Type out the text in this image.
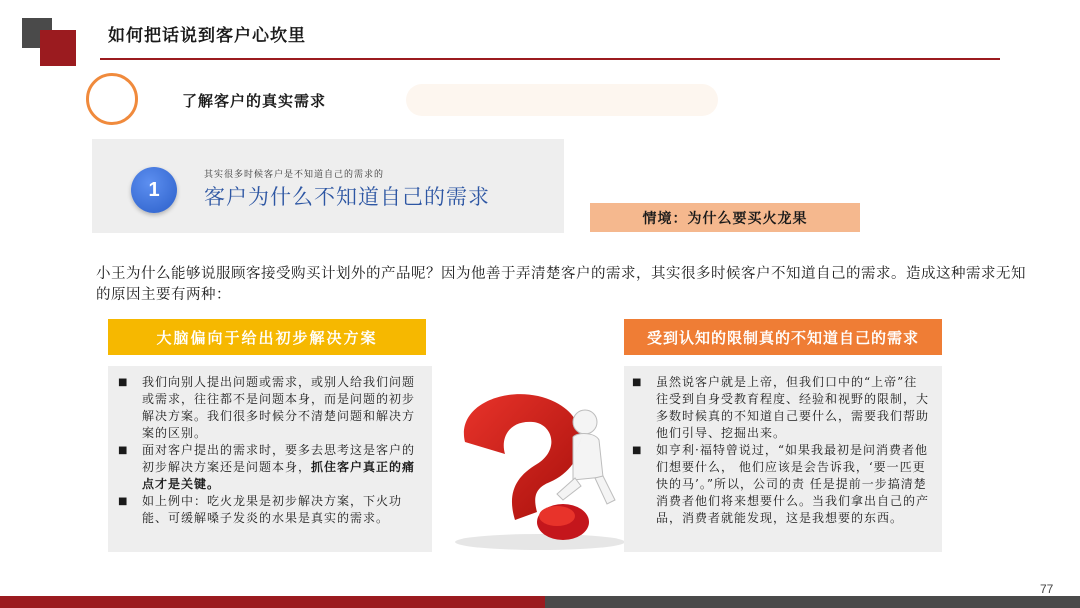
如何把话说到客户心坎里
了解客户的真实需求
1
其实很多时候客户是不知道自己的需求的
客户为什么不知道自己的需求
情境：为什么要买火龙果
小王为什么能够说服顾客接受购买计划外的产品呢？因为他善于弄清楚客户的需求，其实很多时候客户不知道自己的需求。造成这种需求无知的原因主要有两种：
大脑偏向于给出初步解决方案
■ 我们向别人提出问题或需求，或别人给我们问题或需求，往往都不是问题本身，而是问题的初步解决方案。我们很多时候分不清楚问题和解决方案的区别。
■ 面对客户提出的需求时，要多去思考这是客户的初步解决方案还是问题本身，抓住客户真正的痛点才是关键。
■ 如上例中：吃火龙果是初步解决方案，下火功能、可缓解嗓子发炎的水果是真实的需求。
受到认知的限制真的不知道自己的需求
■ 虽然说客户就是上帝，但我们口中的“上帝”往往受到自身受教育程度、经验和视野的限制，大多数时候真的不知道自己要什么，需要我们帮助他们引导、挖掘出来。
■ 如亨利·福特曾说过，“如果我最初是问消费者他们想要什么， 他们应该是会告诉我，‘要一匹更快的马’。”所以，公司的责 任是提前一步搞清楚消费者他们将来想要什么。当我们拿出自己的产品，消费者就能发现，这是我想要的东西。
77
